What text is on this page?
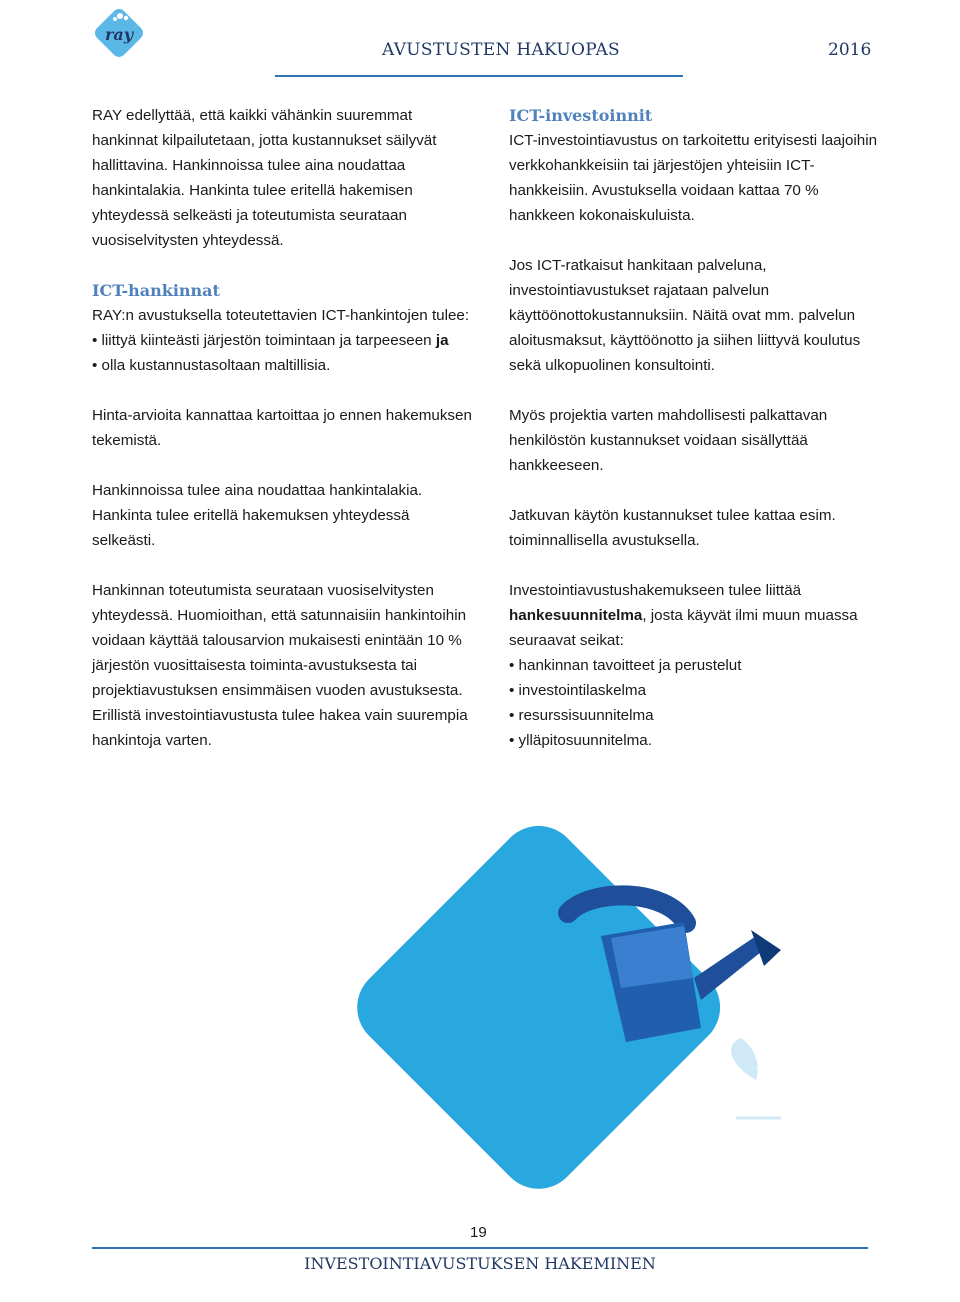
ray
AVUSTUSTEN HAKUOPAS	2016

RAY edellyttää, että kaikki vähänkin suuremmat hankinnat kilpailutetaan, jotta kustannukset säilyvät hallittavina. Hankinnoissa tulee aina noudattaa hankintalakia. Hankinta tulee eritellä hakemisen yhteydessä selkeästi ja toteutumista seurataan vuosiselvitysten yhteydessä.

ICT-hankinnat
RAY:n avustuksella toteutettavien ICT-hankintojen tulee:
• liittyä kiinteästi järjestön toimintaan ja tarpeeseen ja
• olla kustannustasoltaan maltillisia.

Hinta-arvioita kannattaa kartoittaa jo ennen hakemuksen tekemistä.

Hankinnoissa tulee aina noudattaa hankintalakia. Hankinta tulee eritellä hakemuksen yhteydessä selkeästi.

Hankinnan toteutumista seurataan vuosiselvitysten yhteydessä. Huomioithan, että satunnaisiin hankintoihin voidaan käyttää talousarvion mukaisesti enintään 10 % järjestön vuosittaisesta toiminta-avustuksesta tai projektiavustuksen ensimmäisen vuoden avustuksesta. Erillistä investointiavustusta tulee hakea vain suurempia hankintoja varten.

ICT-investoinnit

ICT-investointiavustus on tarkoitettu erityisesti laajoihin verkkohankkeisiin tai järjestöjen yhteisiin ICT-hankkeisiin. Avustuksella voidaan kattaa 70 % hankkeen kokonaiskuluista.

Jos ICT-ratkaisut hankitaan palveluna, investointiavustukset rajataan palvelun käyttöönottokustannuksiin. Näitä ovat mm. palvelun aloitusmaksut, käyttöönotto ja siihen liittyvä koulutus sekä ulkopuolinen konsultointi.

Myös projektia varten mahdollisesti palkattavan henkilöstön kustannukset voidaan sisällyttää hankkeeseen.

Jatkuvan käytön kustannukset tulee kattaa esim. toiminnallisella avustuksella.

Investointiavustushakemukseen tulee liittää hankesuunnitelma, josta käyvät ilmi muun muassa seuraavat seikat:
• hankinnan tavoitteet ja perustelut
• investointilaskelma
• resurssisuunnitelma
• ylläpitosuunnitelma.
19
INVESTOINTIAVUSTUKSEN HAKEMINEN
